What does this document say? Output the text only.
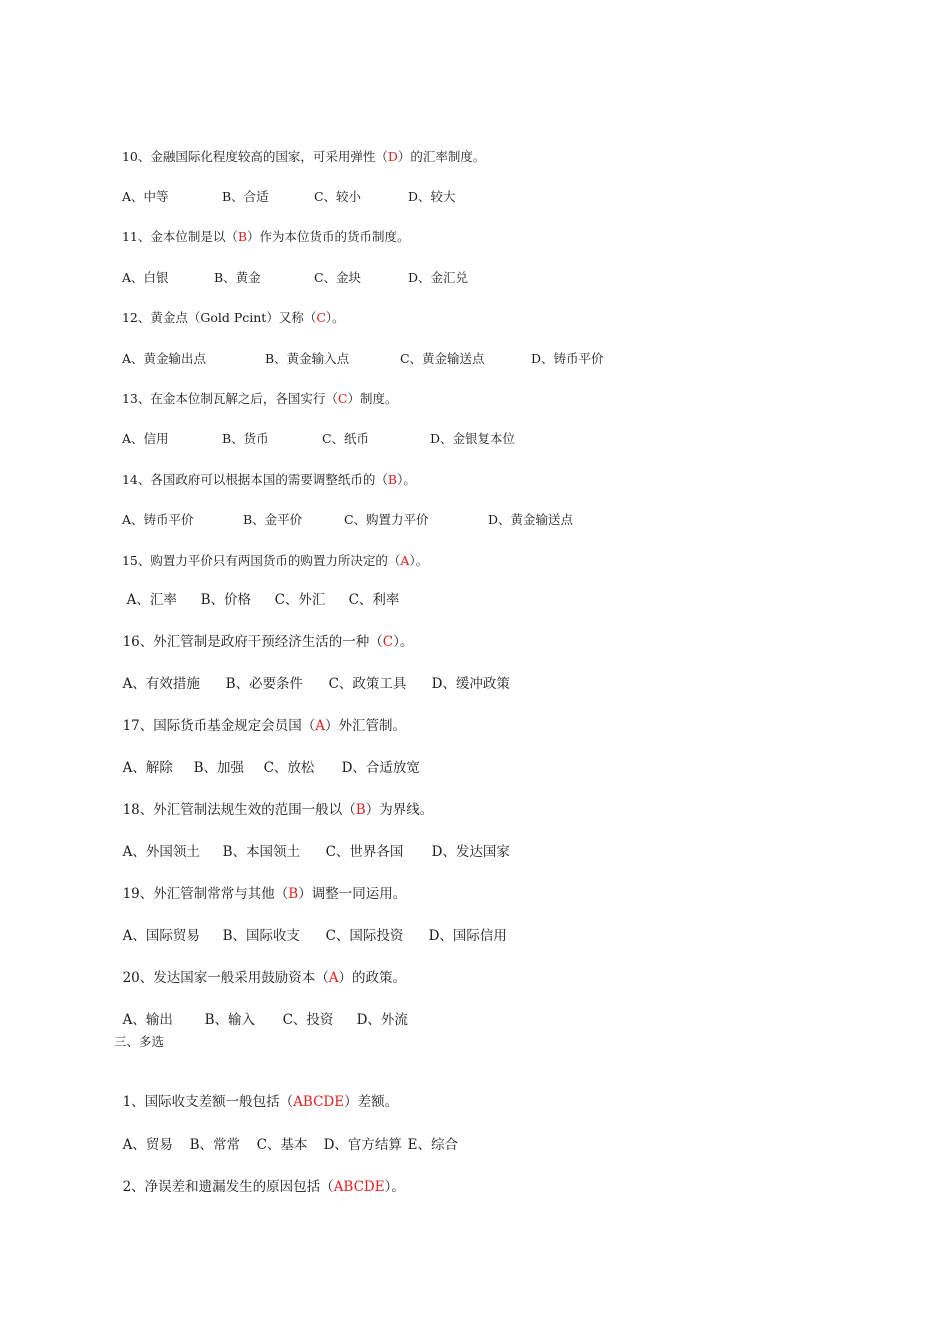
10、金融国际化程度较高的国家，可采用弹性（D）的汇率制度。

A、中等	B、合适	C、较小	D、较大

11、金本位制是以（B）作为本位货币的货币制度。

A、白银	B、黄金	C、金块	D、金汇兑

12、黄金点（Gold Pcint）又称（C）。

A、黄金输出点	B、黄金输入点	C、黄金输送点	D、铸币平价

13、在金本位制瓦解之后，各国实行（C）制度。

A、信用	B、货币	C、纸币	D、金银复本位

14、各国政府可以根据本国的需要调整纸币的（B）。

A、铸币平价	B、金平价	C、购置力平价	D、黄金输送点

15、购置力平价只有两国货币的购置力所决定的（A）。

A、汇率 B、价格 C、外汇 C、利率

16、外汇管制是政府干预经济生活的一种（C）。

A、有效措施 B、必要条件 C、政策工具 D、缓冲政策

17、国际货币基金规定会员国（A）外汇管制。

A、解除 B、加强 C、放松 D、合适放宽

18、外汇管制法规生效的范围一般以（B）为界线。

A、外国领土 B、本国领土 C、世界各国 D、发达国家

19、外汇管制常常与其他（B）调整一同运用。

A、国际贸易 B、国际收支 C、国际投资 D、国际信用

20、发达国家一般采用鼓励资本（A）的政策。

A、输出 B、输入 C、投资 D、外流

三、多选

1、国际收支差额一般包括（ABCDE）差额。

A、贸易 B、常常 C、基本 D、官方结算 E、综合

2、净误差和遗漏发生的原因包括（ABCDE）。
